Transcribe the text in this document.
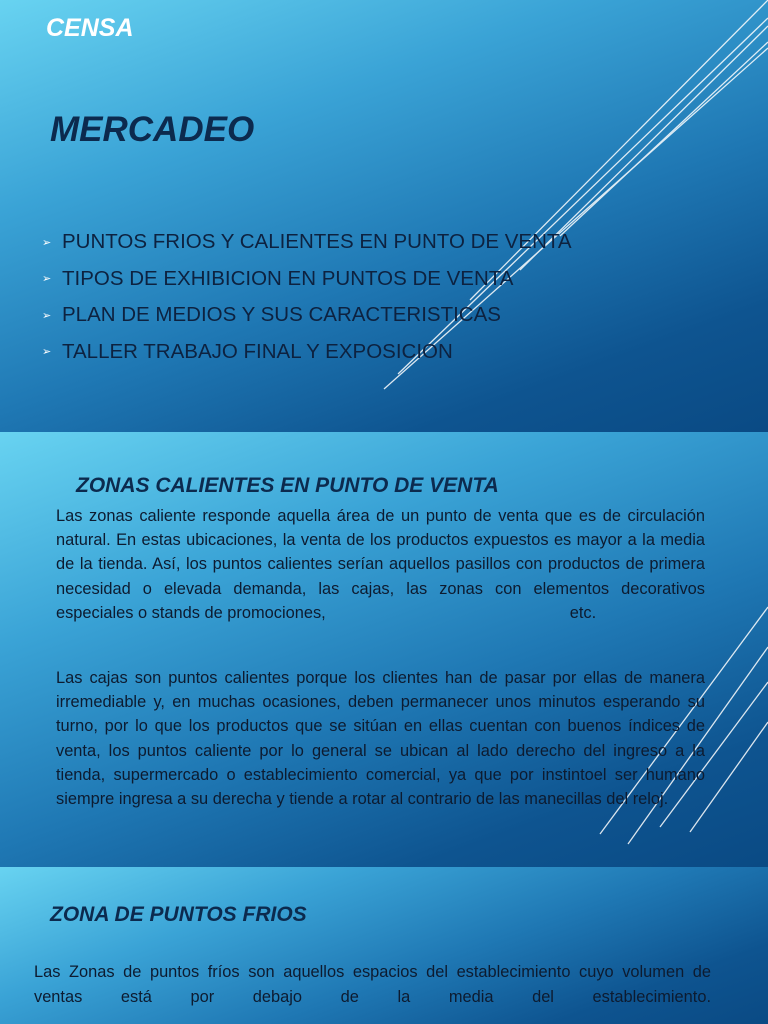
CENSA
MERCADEO
➢ PUNTOS FRIOS Y CALIENTES EN PUNTO DE VENTA
➢ TIPOS DE EXHIBICION EN PUNTOS DE VENTA
➢ PLAN DE MEDIOS Y SUS CARACTERISTICAS
➢ TALLER TRABAJO FINAL Y EXPOSICION
ZONAS CALIENTES EN PUNTO DE VENTA

Las zonas caliente responde aquella área de un punto de venta que es de circulación natural. En estas ubicaciones, la venta de los productos expuestos es mayor a la media de la tienda. Así, los puntos calientes serían aquellos pasillos con productos de primera necesidad o elevada demanda, las cajas, las zonas con elementos decorativos especiales o stands de promociones,	etc.

Las cajas son puntos calientes porque los clientes han de pasar por ellas de manera irremediable y, en muchas ocasiones, deben permanecer unos minutos esperando su turno, por lo que los productos que se sitúan en ellas cuentan con buenos índices de venta, los puntos caliente por lo general se ubican al lado derecho del ingreso a la tienda, supermercado o establecimiento comercial, ya que por instintoel ser humano siempre ingresa a su derecha y tiende a rotar al contrario de las manecillas del reloj.

ZONA DE PUNTOS FRIOS

Las Zonas de puntos fríos son aquellos espacios del establecimiento cuyo volumen de ventas está por debajo de la media del establecimiento.
